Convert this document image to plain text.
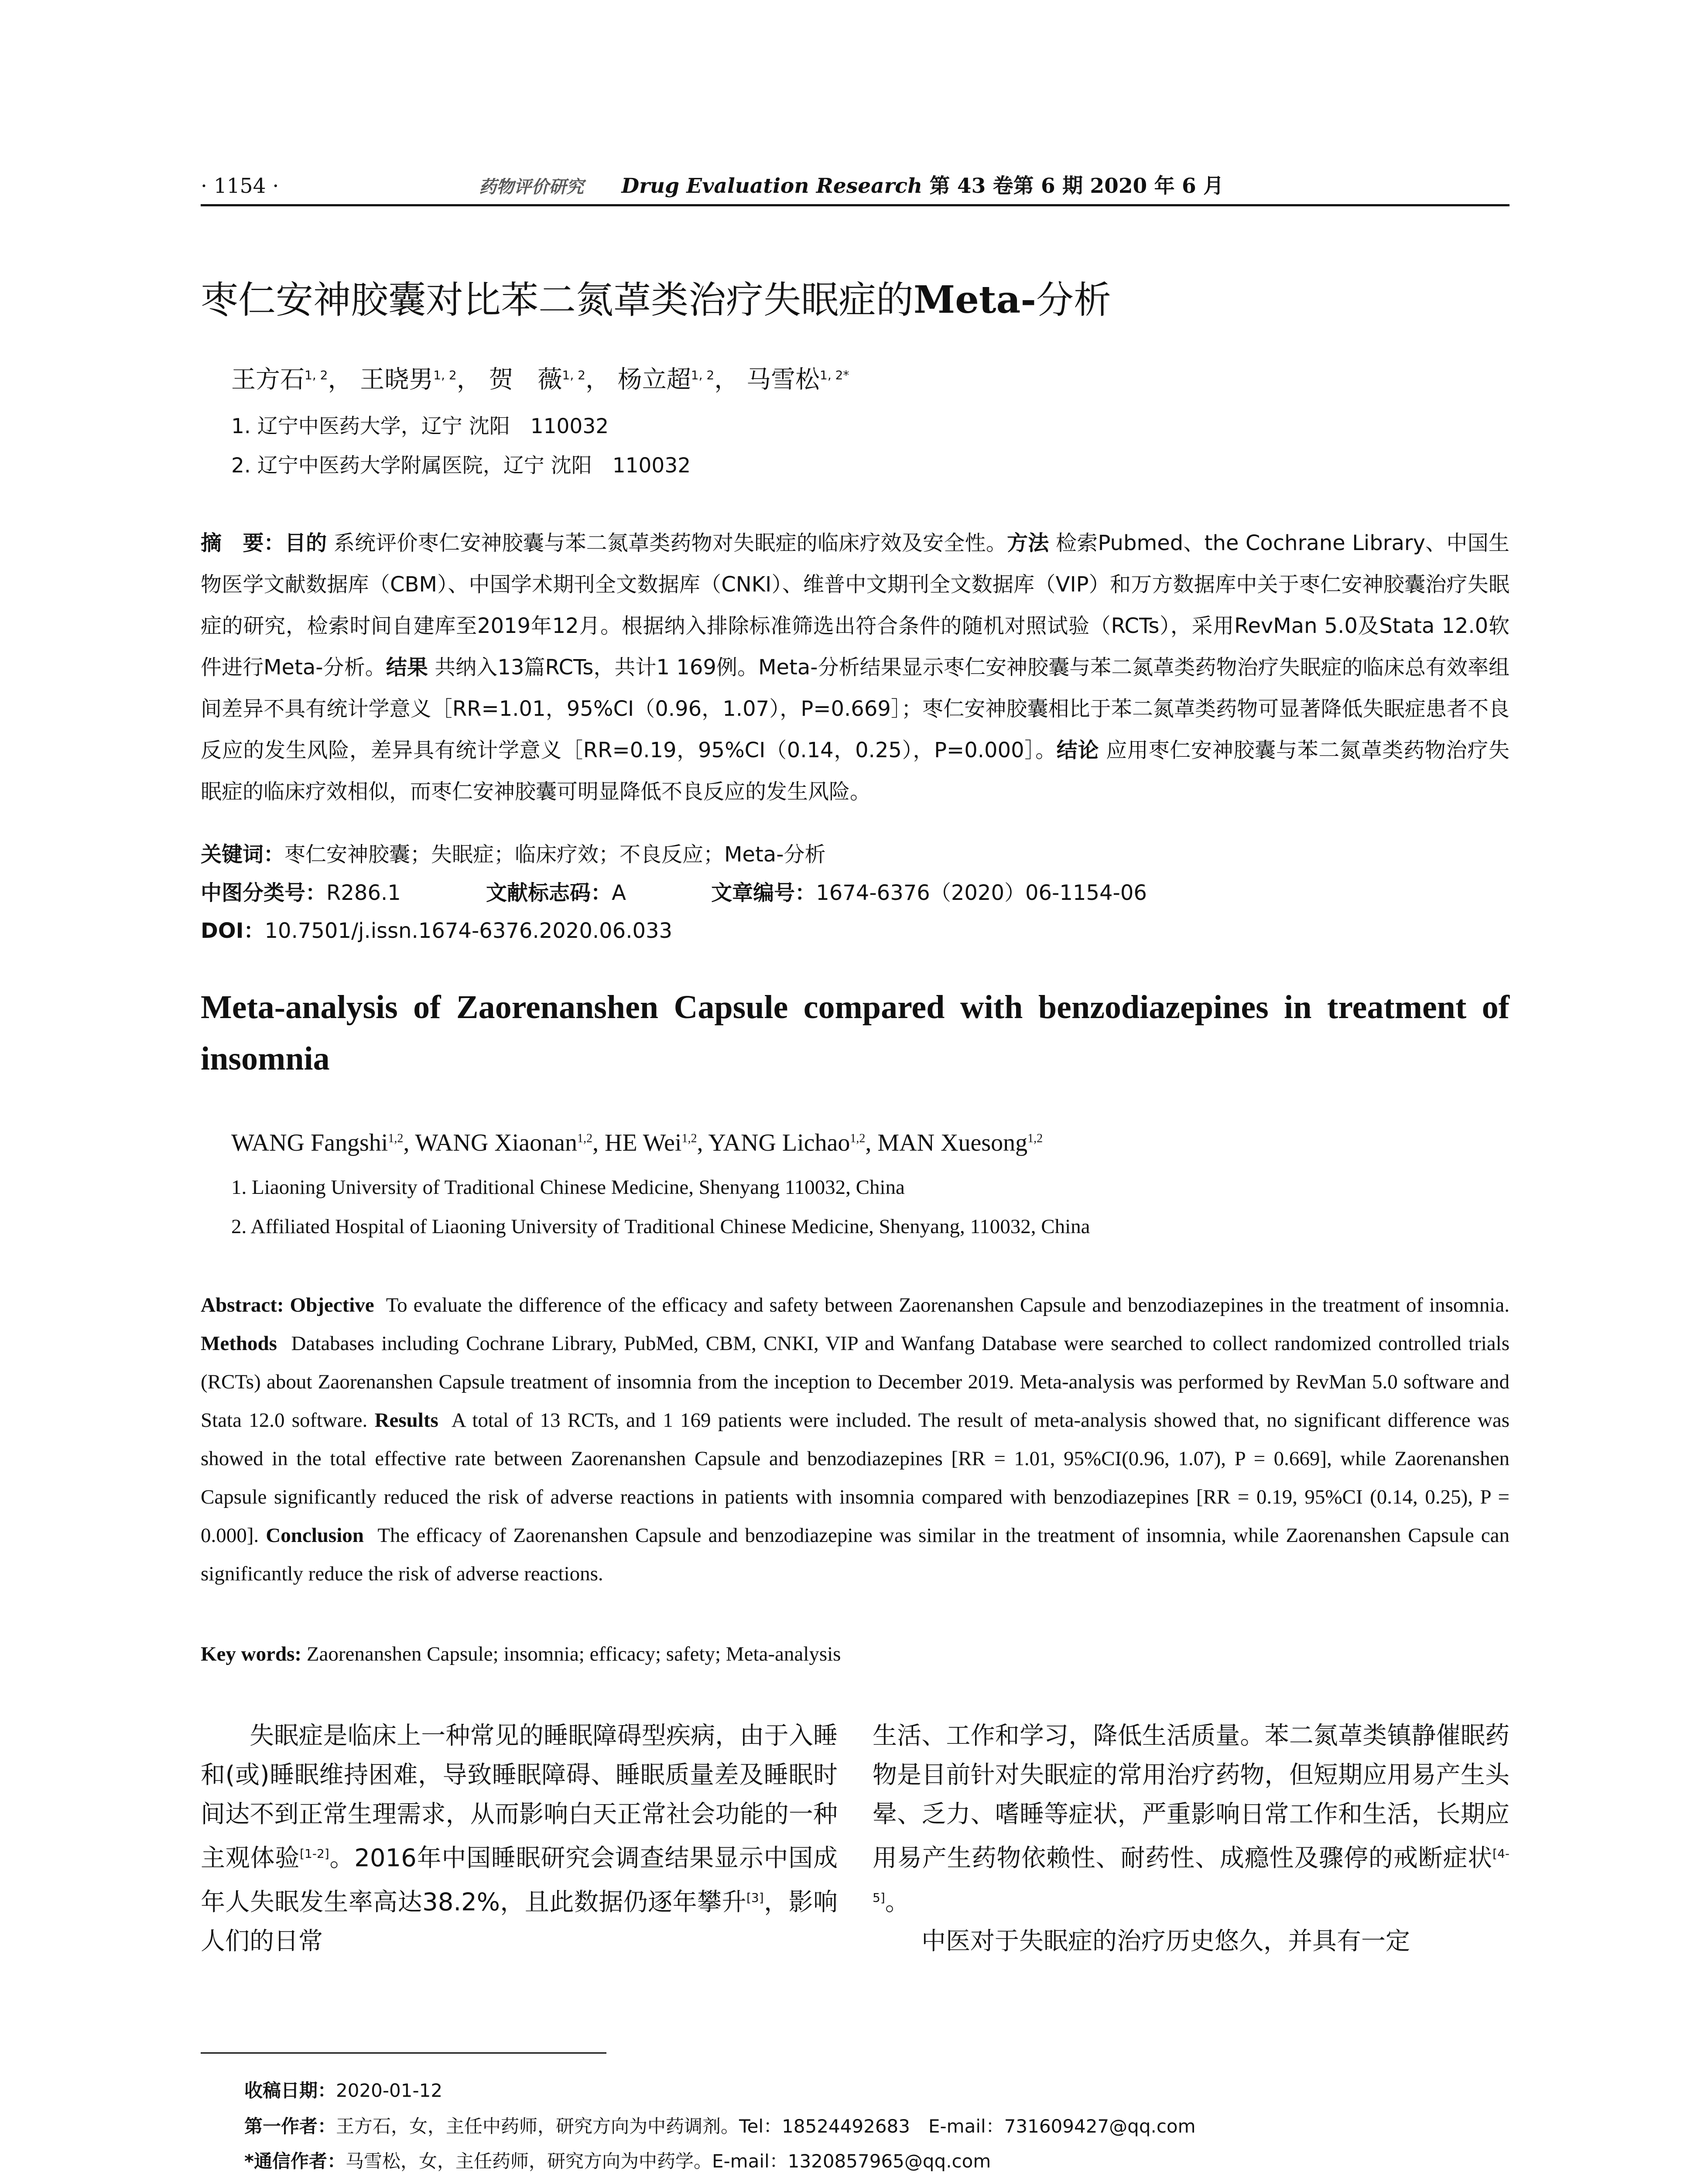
· 1154 ·	药物评价研究 Drug Evaluation Research 第 43 卷第 6 期 2020 年 6 月
枣仁安神胶囊对比苯二氮䓬类治疗失眠症的Meta-分析
王方石$^{1, 2}$， 王晓男$^{1, 2}$， 贺　薇$^{1, 2}$， 杨立超$^{1, 2}$， 马雪松$^{1, 2*}$
1. 辽宁中医药大学，辽宁 沈阳　110032
2. 辽宁中医药大学附属医院，辽宁 沈阳　110032
摘　要：目的 系统评价枣仁安神胶囊与苯二氮䓬类药物对失眠症的临床疗效及安全性。方法 检索Pubmed、the Cochrane Library、中国生物医学文献数据库（CBM）、中国学术期刊全文数据库（CNKI）、维普中文期刊全文数据库（VIP）和万方数据库中关于枣仁安神胶囊治疗失眠症的研究，检索时间自建库至2019年12月。根据纳入排除标准筛选出符合条件的随机对照试验（RCTs），采用RevMan 5.0及Stata 12.0软件进行Meta-分析。结果 共纳入13篇RCTs，共计1 169例。Meta-分析结果显示枣仁安神胶囊与苯二氮䓬类药物治疗失眠症的临床总有效率组间差异不具有统计学意义［RR=1.01，95%CI（0.96，1.07），P=0.669］；枣仁安神胶囊相比于苯二氮䓬类药物可显著降低失眠症患者不良反应的发生风险，差异具有统计学意义［RR=0.19，95%CI（0.14，0.25），P=0.000］。结论 应用枣仁安神胶囊与苯二氮䓬类药物治疗失眠症的临床疗效相似，而枣仁安神胶囊可明显降低不良反应的发生风险。
关键词：枣仁安神胶囊；失眠症；临床疗效；不良反应；Meta-分析
中图分类号：R286.1	文献标志码：A	文章编号：1674-6376（2020）06-1154-06
DOI：10.7501/j.issn.1674-6376.2020.06.033
Meta-analysis of Zaorenanshen Capsule compared with benzodiazepines in treatment of insomnia
WANG Fangshi$^{1,2}$, WANG Xiaonan$^{1,2}$, HE Wei$^{1,2}$, YANG Lichao$^{1,2}$, MAN Xuesong$^{1,2}$
1. Liaoning University of Traditional Chinese Medicine, Shenyang 110032, China
2. Affiliated Hospital of Liaoning University of Traditional Chinese Medicine, Shenyang, 110032, China
Abstract: Objective To evaluate the difference of the efficacy and safety between Zaorenanshen Capsule and benzodiazepines in the treatment of insomnia. Methods Databases including Cochrane Library, PubMed, CBM, CNKI, VIP and Wanfang Database were searched to collect randomized controlled trials (RCTs) about Zaorenanshen Capsule treatment of insomnia from the inception to December 2019. Meta-analysis was performed by RevMan 5.0 software and Stata 12.0 software. Results A total of 13 RCTs, and 1 169 patients were included. The result of meta-analysis showed that, no significant difference was showed in the total effective rate between Zaorenanshen Capsule and benzodiazepines [RR = 1.01, 95%CI(0.96, 1.07), P = 0.669], while Zaorenanshen Capsule significantly reduced the risk of adverse reactions in patients with insomnia compared with benzodiazepines [RR = 0.19, 95%CI (0.14, 0.25), P = 0.000]. Conclusion The efficacy of Zaorenanshen Capsule and benzodiazepine was similar in the treatment of insomnia, while Zaorenanshen Capsule can significantly reduce the risk of adverse reactions.
Key words: Zaorenanshen Capsule; insomnia; efficacy; safety; Meta-analysis

失眠症是临床上一种常见的睡眠障碍型疾病，由于入睡和(或)睡眠维持困难，导致睡眠障碍、睡眠质量差及睡眠时间达不到正常生理需求，从而影响白天正常社会功能的一种主观体验[1-2]。2016年中国睡眠研究会调查结果显示中国成年人失眠发生率高达38.2%，且此数据仍逐年攀升[3]，影响人们的日常

生活、工作和学习，降低生活质量。苯二氮䓬类镇静催眠药物是目前针对失眠症的常用治疗药物，但短期应用易产生头晕、乏力、嗜睡等症状，严重影响日常工作和生活，长期应用易产生药物依赖性、耐药性、成瘾性及骤停的戒断症状[4-5]。

中医对于失眠症的治疗历史悠久，并具有一定

收稿日期：2020-01-12
第一作者：王方石，女，主任中药师，研究方向为中药调剂。Tel：18524492683　E-mail：731609427@qq.com
*通信作者：马雪松，女，主任药师，研究方向为中药学。E-mail：1320857965@qq.com
